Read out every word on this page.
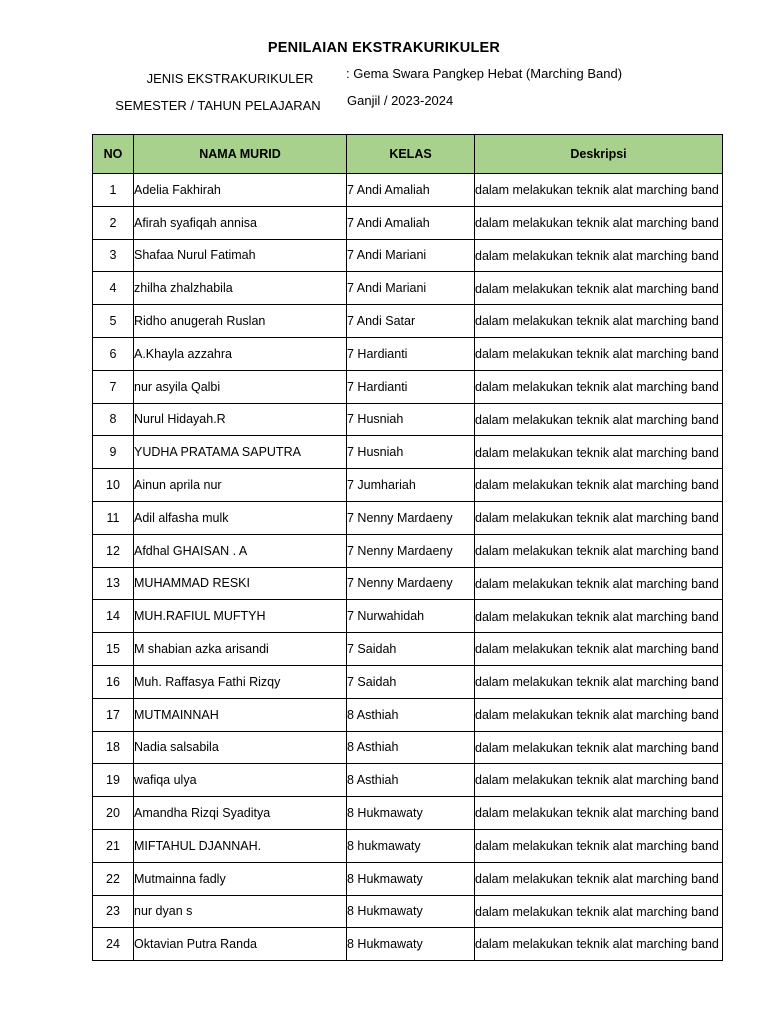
PENILAIAN EKSTRAKURIKULER
JENIS EKSTRAKURIKULER	: Gema Swara Pangkep Hebat (Marching Band)
SEMESTER / TAHUN PELAJARAN	Ganjil / 2023-2024
NO	NAMA MURID	KELAS	Deskripsi
1	Adelia Fakhirah	7 Andi Amaliah	dalam melakukan teknik alat marching band

2	Afirah syafiqah annisa	7 Andi Amaliah	dalam melakukan teknik alat marching band

3	Shafaa Nurul Fatimah	7 Andi Mariani	dalam melakukan teknik alat marching band

4	zhilha zhalzhabila	7 Andi Mariani	dalam melakukan teknik alat marching band

5	Ridho anugerah Ruslan	7 Andi Satar	dalam melakukan teknik alat marching band

6	A.Khayla azzahra	7 Hardianti	dalam melakukan teknik alat marching band

7	nur asyila Qalbi	7 Hardianti	dalam melakukan teknik alat marching band

8	Nurul Hidayah.R	7 Husniah	dalam melakukan teknik alat marching band

9	YUDHA PRATAMA SAPUTRA	7 Husniah	dalam melakukan teknik alat marching band

10	Ainun aprila nur	7 Jumhariah	dalam melakukan teknik alat marching band

11	Adil alfasha mulk	7 Nenny Mardaeny	dalam melakukan teknik alat marching band

12	Afdhal GHAISAN . A	7 Nenny Mardaeny	dalam melakukan teknik alat marching band

13	MUHAMMAD RESKI	7 Nenny Mardaeny	dalam melakukan teknik alat marching band

14	MUH.RAFIUL MUFTYH	7 Nurwahidah	dalam melakukan teknik alat marching band

15	M shabian azka arisandi	7 Saidah	dalam melakukan teknik alat marching band

16	Muh. Raffasya Fathi Rizqy	7 Saidah	dalam melakukan teknik alat marching band

17	MUTMAINNAH	8 Asthiah	dalam melakukan teknik alat marching band

18	Nadia salsabila	8 Asthiah	dalam melakukan teknik alat marching band

19	wafiqa ulya	8 Asthiah	dalam melakukan teknik alat marching band

20	Amandha Rizqi Syaditya	8 Hukmawaty	dalam melakukan teknik alat marching band

21	MIFTAHUL DJANNAH.	8 hukmawaty	dalam melakukan teknik alat marching band

22	Mutmainna fadly	8 Hukmawaty	dalam melakukan teknik alat marching band

23	nur dyan s	8 Hukmawaty	dalam melakukan teknik alat marching band

24	Oktavian Putra Randa	8 Hukmawaty	dalam melakukan teknik alat marching band
